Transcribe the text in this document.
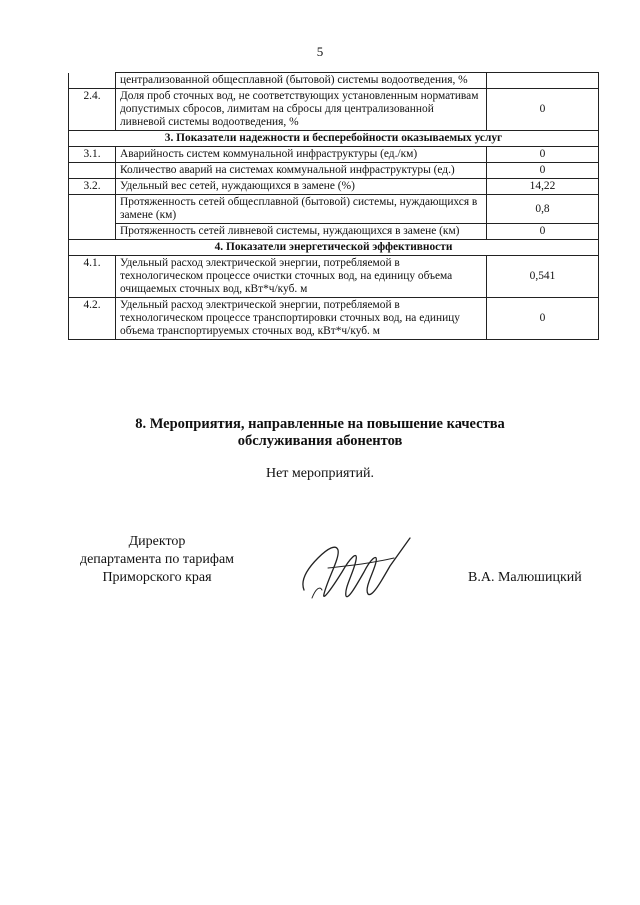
5
	централизованной общесплавной (бытовой) системы водоотведения, %	
2.4.	Доля проб сточных вод, не соответствующих установленным нормативам допустимых сбросов, лимитам на сбросы для централизованной ливневой системы водоотведения, %	0
3. Показатели надежности и бесперебойности оказываемых услуг		
3.1.	Аварийность систем коммунальной инфраструктуры (ед./км)	0
	Количество аварий на системах коммунальной инфраструктуры (ед.)	0
3.2.	Удельный вес сетей, нуждающихся в замене (%)	14,22
	Протяженность сетей общесплавной (бытовой) системы, нуждающихся в замене (км)	0,8
	Протяженность сетей ливневой системы, нуждающихся в замене (км)	0
4. Показатели энергетической эффективности		
4.1.	Удельный расход электрической энергии, потребляемой в технологическом процессе очистки сточных вод, на единицу объема очищаемых сточных вод, кВт*ч/куб. м	0,541
4.2.	Удельный расход электрической энергии, потребляемой в технологическом процессе транспортировки сточных вод, на единицу объема транспортируемых сточных вод, кВт*ч/куб. м	0
8. Мероприятия, направленные на повышение качества
обслуживания абонентов
Нет мероприятий.
Директор
департамента по тарифам
Приморского края	В.А. Малюшицкий
